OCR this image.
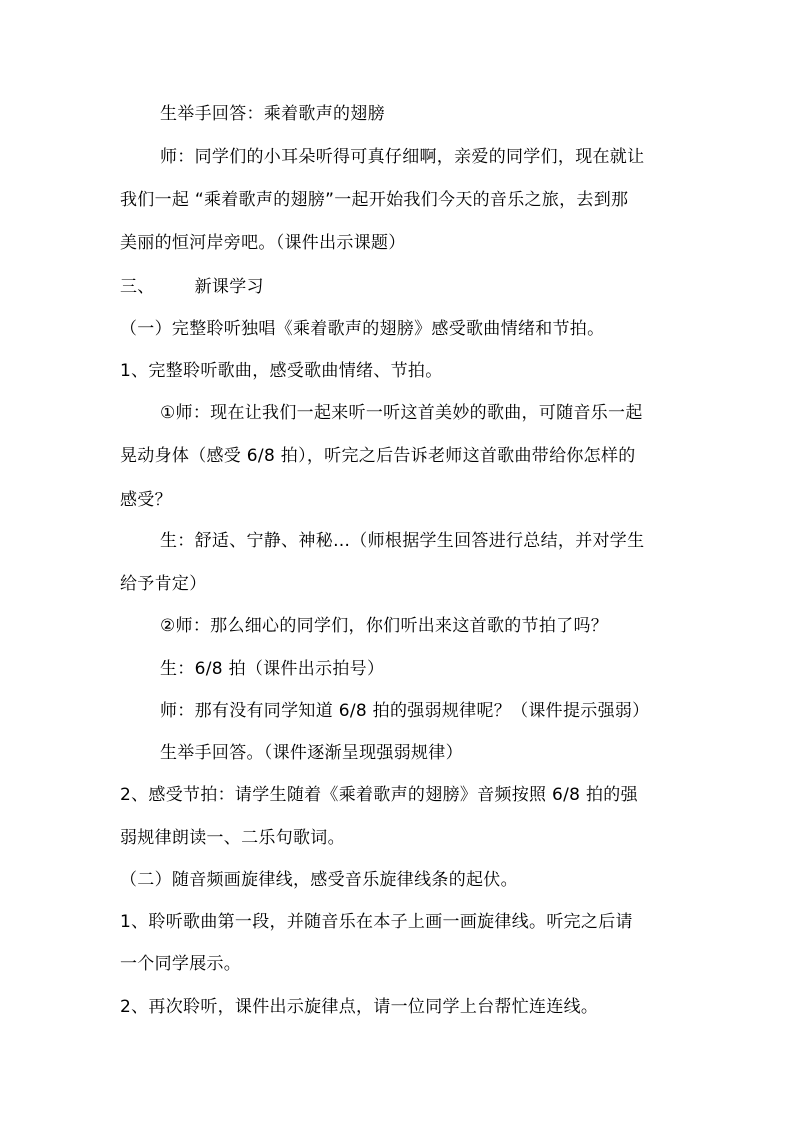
生举手回答：乘着歌声的翅膀
师：同学们的小耳朵听得可真仔细啊，亲爱的同学们，现在就让
我们一起 “乘着歌声的翅膀”一起开始我们今天的音乐之旅，去到那
美丽的恒河岸旁吧。（课件出示课题）
三、 新课学习
（一）完整聆听独唱《乘着歌声的翅膀》感受歌曲情绪和节拍。
1、完整聆听歌曲，感受歌曲情绪、节拍。
①师：现在让我们一起来听一听这首美妙的歌曲，可随音乐一起
晃动身体（感受 6/8 拍），听完之后告诉老师这首歌曲带给你怎样的
感受？
生：舒适、宁静、神秘…（师根据学生回答进行总结，并对学生
给予肯定）
②师：那么细心的同学们，你们听出来这首歌的节拍了吗？
生：6/8 拍（课件出示拍号）
师：那有没有同学知道 6/8 拍的强弱规律呢？（课件提示强弱）
生举手回答。（课件逐渐呈现强弱规律）
2、感受节拍：请学生随着《乘着歌声的翅膀》音频按照 6/8 拍的强
弱规律朗读一、二乐句歌词。
（二）随音频画旋律线，感受音乐旋律线条的起伏。
1、聆听歌曲第一段，并随音乐在本子上画一画旋律线。听完之后请
一个同学展示。
2、再次聆听，课件出示旋律点，请一位同学上台帮忙连连线。
